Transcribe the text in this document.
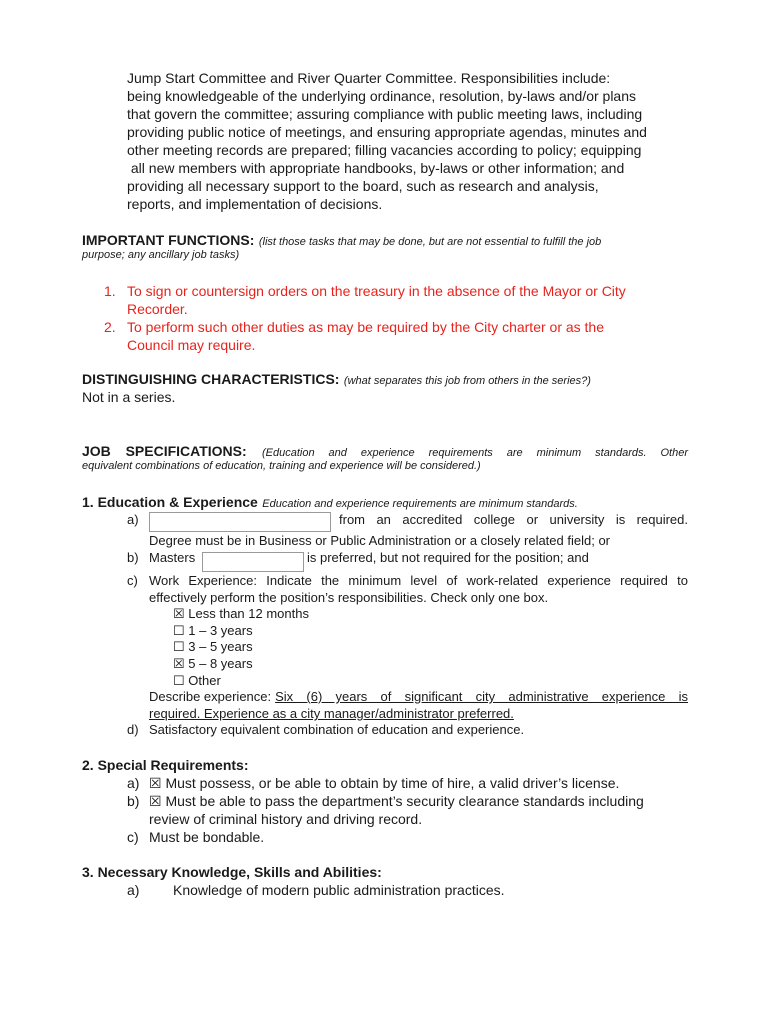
Jump Start Committee and River Quarter Committee. Responsibilities include:
being knowledgeable of the underlying ordinance, resolution, by-laws and/or plans
that govern the committee; assuring compliance with public meeting laws, including
providing public notice of meetings, and ensuring appropriate agendas, minutes and
other meeting records are prepared; filling vacancies according to policy; equipping
all new members with appropriate handbooks, by-laws or other information; and
providing all necessary support to the board, such as research and analysis,
reports, and implementation of decisions.
IMPORTANT FUNCTIONS: (list those tasks that may be done, but are not essential to fulfill the job
purpose; any ancillary job tasks)
1. To sign or countersign orders on the treasury in the absence of the Mayor or City
Recorder.
2. To perform such other duties as may be required by the City charter or as the
Council may require.
DISTINGUISHING CHARACTERISTICS: (what separates this job from others in the series?)
Not in a series.
JOB SPECIFICATIONS: (Education and experience requirements are minimum standards. Other
equivalent combinations of education, training and experience will be considered.)
1. Education & Experience Education and experience requirements are minimum standards.
a)	from an accredited college or university is required.
Degree must be in Business or Public Administration or a closely related field; or
b) Masters	is preferred, but not required for the position; and
c) Work Experience: Indicate the minimum level of work-related experience required to
effectively perform the position’s responsibilities. Check only one box.
☒ Less than 12 months
☐ 1 – 3 years
☐ 3 – 5 years
☒ 5 – 8 years
☐ Other
Describe experience: Six (6) years of significant city administrative experience is
required. Experience as a city manager/administrator preferred.
d) Satisfactory equivalent combination of education and experience.
2. Special Requirements:
a) ☒ Must possess, or be able to obtain by time of hire, a valid driver’s license.
b) ☒ Must be able to pass the department’s security clearance standards including
review of criminal history and driving record.
c) Must be bondable.
3. Necessary Knowledge, Skills and Abilities:
a) Knowledge of modern public administration practices.
